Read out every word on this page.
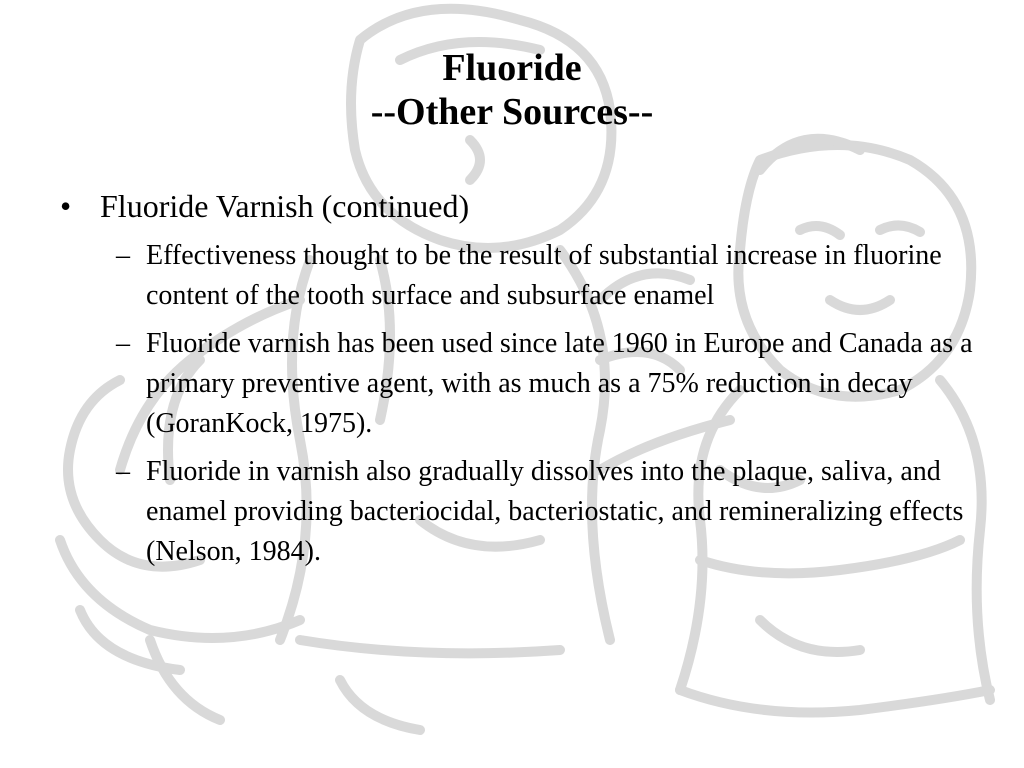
Fluoride
--Other Sources--
• Fluoride Varnish (continued)
– Effectiveness thought to be the result of substantial increase in fluorine content of the tooth surface and subsurface enamel
– Fluoride varnish has been used since late 1960 in Europe and Canada as a primary preventive agent, with as much as a 75% reduction in decay (GoranKock, 1975).
– Fluoride in varnish also gradually dissolves into the plaque, saliva, and enamel providing bacteriocidal, bacteriostatic, and remineralizing effects (Nelson, 1984).
